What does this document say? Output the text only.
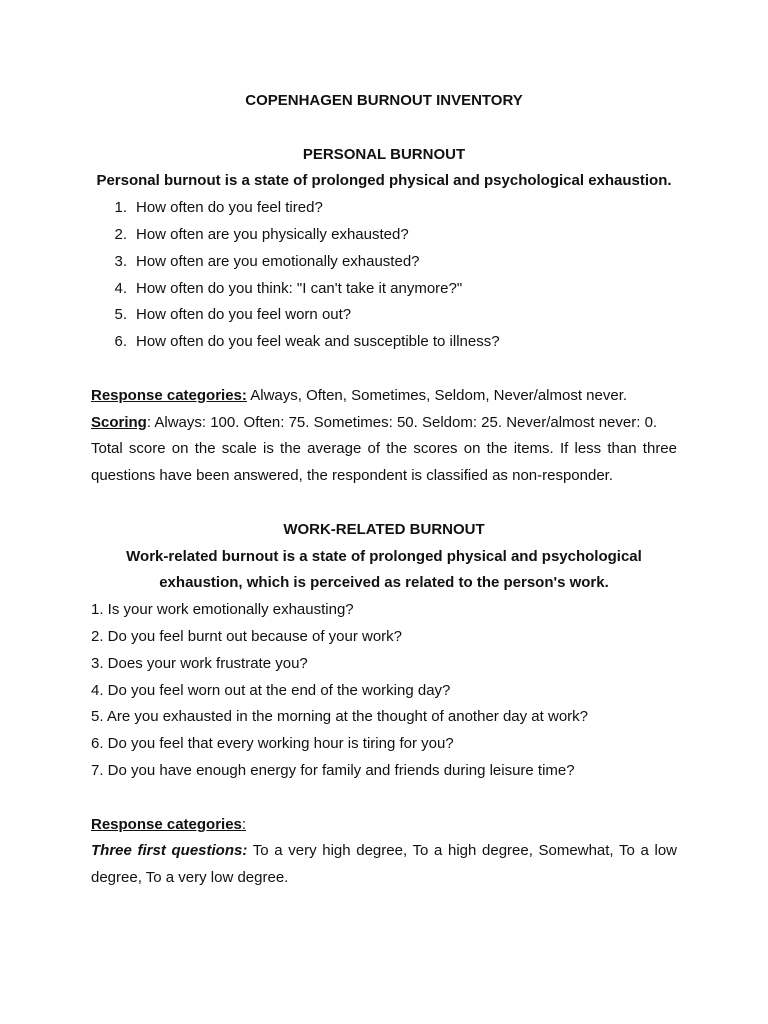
COPENHAGEN BURNOUT INVENTORY
PERSONAL BURNOUT
Personal burnout is a state of prolonged physical and psychological exhaustion.
1. How often do you feel tired?
2. How often are you physically exhausted?
3. How often are you emotionally exhausted?
4. How often do you think: "I can't take it anymore?"
5. How often do you feel worn out?
6. How often do you feel weak and susceptible to illness?

Response categories: Always, Often, Sometimes, Seldom, Never/almost never.

Scoring: Always: 100. Often: 75. Sometimes: 50. Seldom: 25. Never/almost never: 0.

Total score on the scale is the average of the scores on the items. If less than three questions have been answered, the respondent is classified as non-responder.

WORK-RELATED BURNOUT
Work-related burnout is a state of prolonged physical and psychological
exhaustion, which is perceived as related to the person's work.
1. Is your work emotionally exhausting?
2. Do you feel burnt out because of your work?
3. Does your work frustrate you?
4. Do you feel worn out at the end of the working day?
5. Are you exhausted in the morning at the thought of another day at work?
6. Do you feel that every working hour is tiring for you?
7. Do you have enough energy for family and friends during leisure time?

Response categories:

Three first questions: To a very high degree, To a high degree, Somewhat, To a low degree, To a very low degree.
